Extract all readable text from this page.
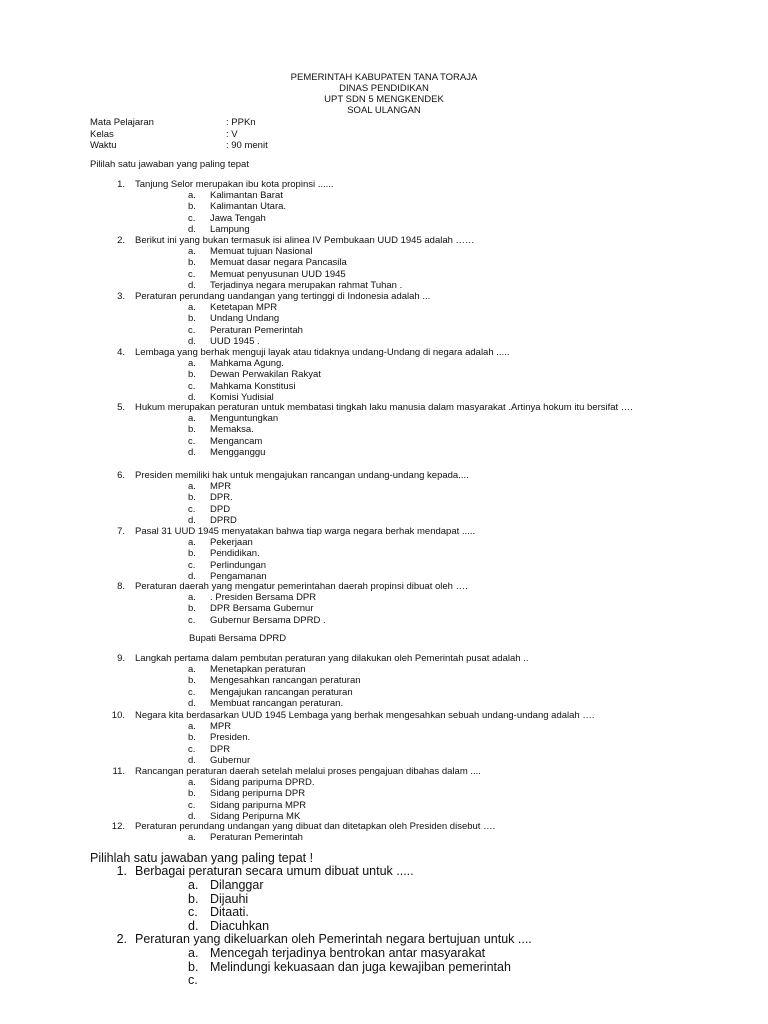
PEMERINTAH KABUPATEN TANA TORAJA
DINAS PENDIDIKAN
UPT SDN 5 MENGKENDEK
SOAL ULANGAN
Mata Pelajaran	: PPKn
Kelas	: V
Waktu	: 90 menit
Pililah satu jawaban yang paling tepat
1.	Tanjung Selor merupakan ibu kota propinsi ......
a.	Kalimantan Barat
b.	Kalimantan Utara.
c.	Jawa Tengah
d.	Lampung
2.	Berikut ini yang bukan termasuk isi alinea IV Pembukaan UUD 1945 adalah ……
a.	Memuat tujuan Nasional
b.	Memuat dasar negara Pancasila
c.	Memuat penyusunan UUD 1945
d.	Terjadinya negara merupakan rahmat Tuhan .
3.	Peraturan perundang uandangan yang tertinggi di Indonesia adalah ...
a.	Ketetapan MPR
b.	Undang Undang
c.	Peraturan Pemerintah
d.	UUD 1945 .
4.	Lembaga yang berhak menguji layak atau tidaknya undang-Undang di negara adalah .....
a.	Mahkama Agung.
b.	Dewan Perwakilan Rakyat
c.	Mahkama Konstitusi
d.	Komisi Yudisial
5.	Hukum merupakan peraturan untuk membatasi tingkah laku manusia dalam masyarakat .Artinya hokum itu bersifat ….
a.	Menguntungkan
b.	Memaksa.
c.	Mengancam
d.	Mengganggu
6.	Presiden memiliki hak untuk mengajukan rancangan undang-undang kepada....
a.	MPR
b.	DPR.
c.	DPD
d.	DPRD
7.	Pasal 31 UUD 1945 menyatakan bahwa tiap warga negara berhak mendapat .....
a.	Pekerjaan
b.	Pendidikan.
c.	Perlindungan
d.	Pengamanan
8.	Peraturan daerah yang mengatur pemerintahan daerah propinsi dibuat oleh ….
a.	. Presiden Bersama DPR
b.	DPR Bersama Gubernur
c.	Gubernur Bersama DPRD .
9.	Langkah pertama dalam pembutan peraturan yang dilakukan oleh Pemerintah pusat adalah ..
a.	Menetapkan peraturan
b.	Mengesahkan rancangan peraturan
c.	Mengajukan rancangan peraturan
d.	Membuat rancangan peraturan.
10.	Negara kita berdasarkan UUD 1945 Lembaga yang berhak mengesahkan sebuah undang-undang adalah ….
a.	MPR
b.	Presiden.
c.	DPR
d.	Gubernur
11.	Rancangan peraturan daerah setelah melalui proses pengajuan dibahas dalam ....
a.	Sidang paripurna DPRD.
b.	Sidang peripurna DPR
c.	Sidang paripurna MPR
d.	Sidang Peripurna MK
12.	Peraturan perundang undangan yang dibuat dan ditetapkan oleh Presiden disebut ….
a.	Peraturan Pemerintah
Bupati Bersama DPRD
Pilihlah satu jawaban yang paling tepat !
1. Berbagai peraturan secara umum dibuat untuk .....
a. Dilanggar
b. Dijauhi
c. Ditaati.
d. Diacuhkan
2. Peraturan yang dikeluarkan oleh Pemerintah negara bertujuan untuk ....
a. Mencegah terjadinya bentrokan antar masyarakat
b. Melindungi kekuasaan dan juga kewajiban pemerintah
c.
